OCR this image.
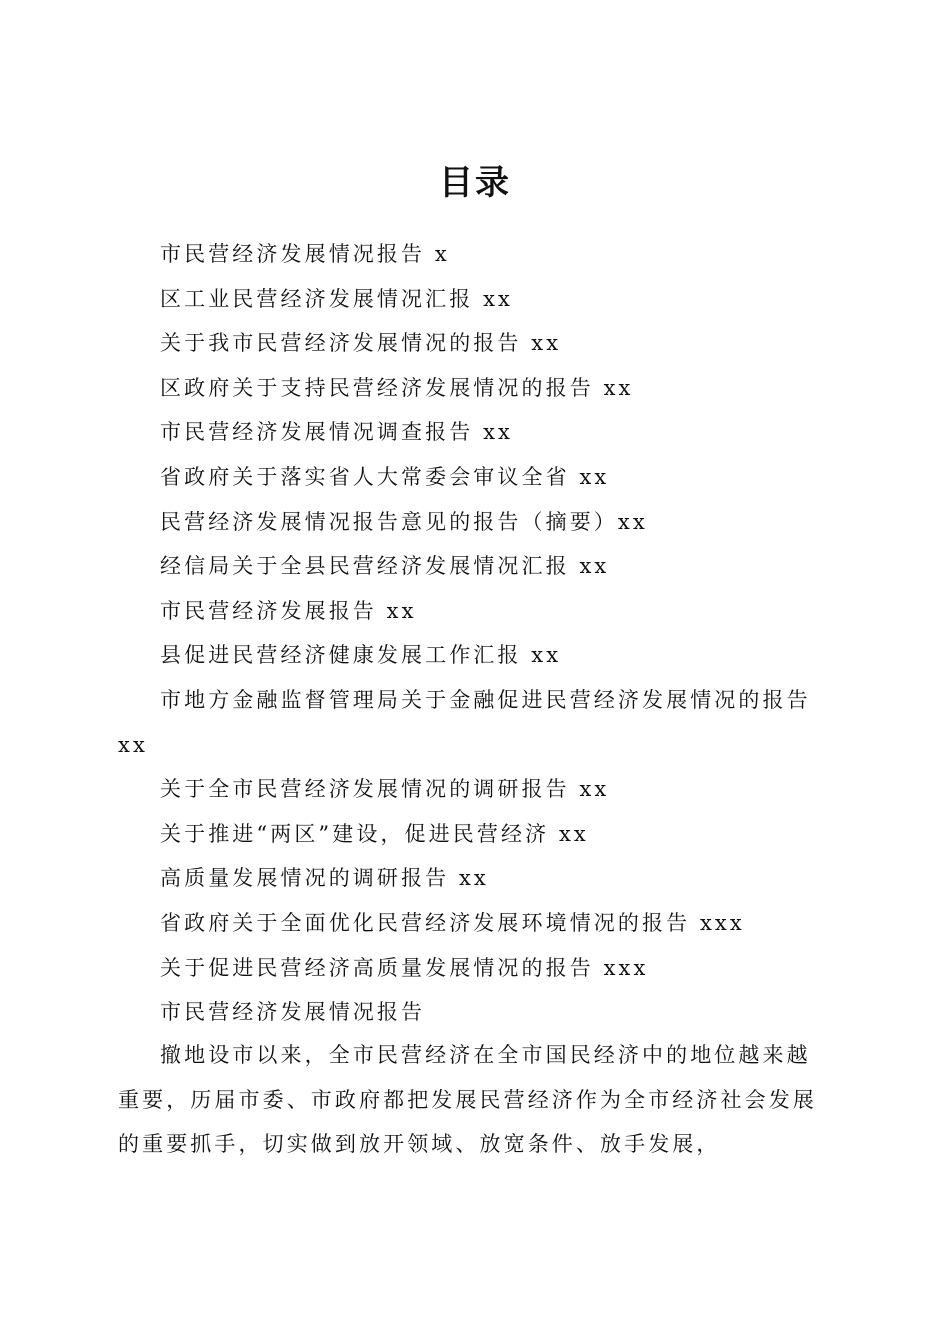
目录
市民营经济发展情况报告 x
区工业民营经济发展情况汇报 xx
关于我市民营经济发展情况的报告 xx
区政府关于支持民营经济发展情况的报告 xx
市民营经济发展情况调查报告 xx
省政府关于落实省人大常委会审议全省 xx
民营经济发展情况报告意见的报告（摘要）xx
经信局关于全县民营经济发展情况汇报 xx
市民营经济发展报告 xx
县促进民营经济健康发展工作汇报 xx
市地方金融监督管理局关于金融促进民营经济发展情况的报告 xx
关于全市民营经济发展情况的调研报告 xx
关于推进“两区”建设，促进民营经济 xx
高质量发展情况的调研报告 xx
省政府关于全面优化民营经济发展环境情况的报告 xxx
关于促进民营经济高质量发展情况的报告 xxx
市民营经济发展情况报告

撤地设市以来，全市民营经济在全市国民经济中的地位越来越重要，历届市委、市政府都把发展民营经济作为全市经济社会发展的重要抓手，切实做到放开领域、放宽条件、放手发展，
